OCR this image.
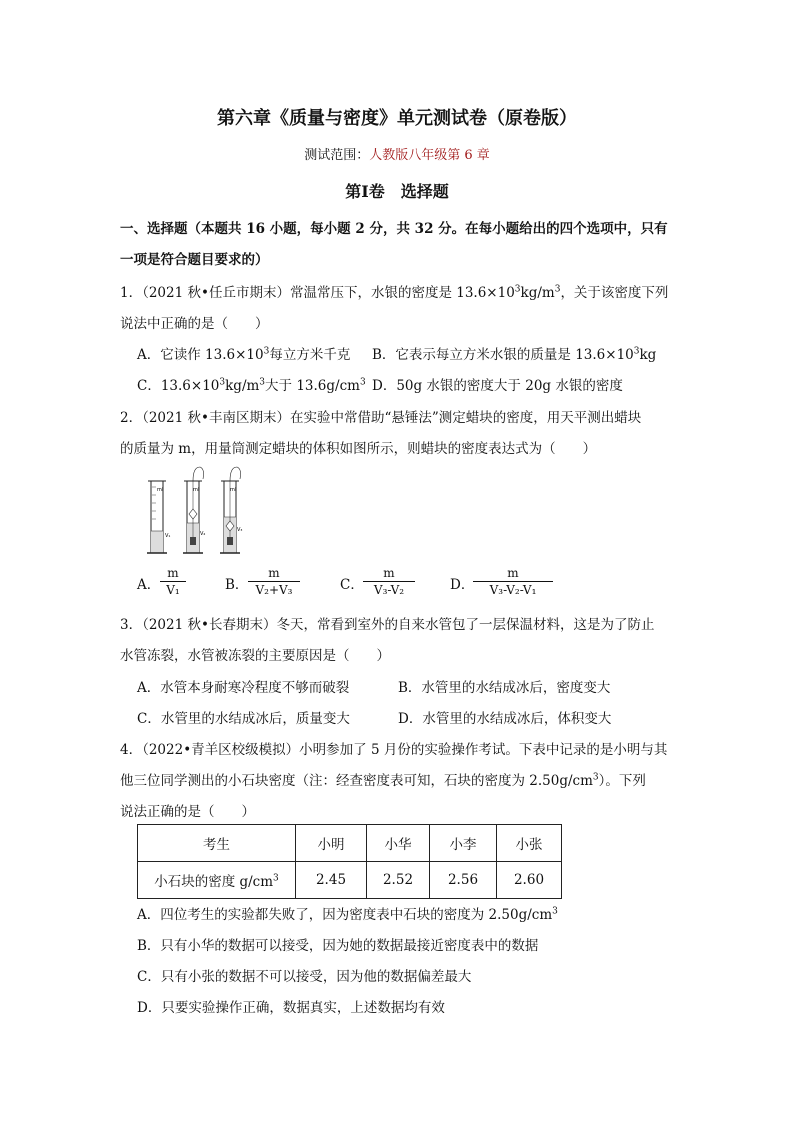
第六章《质量与密度》单元测试卷（原卷版）
测试范围：人教版八年级第 6 章
第Ⅰ卷　选择题
一、选择题（本题共 16 小题，每小题 2 分，共 32 分。在每小题给出的四个选项中，只有
一项是符合题目要求的）
1．（2021 秋•任丘市期末）常温常压下，水银的密度是 $13.6\times 10^3kg/m^3$，关于该密度下列
说法中正确的是（　　）
A．它读作 $13.6\times 10^3$每立方米千克 B．它表示每立方米水银的质量是 $13.6\times 10^3kg$
C．$13.6\times 10^3kg/m^3$大于 $13.6g/cm^3$ D．50g 水银的密度大于 20g 水银的密度
2．（2021 秋•丰南区期末）在实验中常借助“悬锤法”测定蜡块的密度，用天平测出蜡块
的质量为 m，用量筒测定蜡块的体积如图所示，则蜡块的密度表达式为（　　）
ml
V₁
ml
V₂
ml
V₃
A．
m
V₁	B．
m
V₂+V₃	C．
m
V₃-V₂	D．
m
V₃-V₂-V₁
3．（2021 秋•长春期末）冬天，常看到室外的自来水管包了一层保温材料，这是为了防止
水管冻裂，水管被冻裂的主要原因是（　　）
A．水管本身耐寒冷程度不够而破裂	B．水管里的水结成冰后，密度变大
C．水管里的水结成冰后，质量变大	D．水管里的水结成冰后，体积变大
4．（2022•青羊区校级模拟）小明参加了 5 月份的实验操作考试。下表中记录的是小明与其
他三位同学测出的小石块密度（注：经查密度表可知，石块的密度为 $2.50g/cm^3$）。下列
说法正确的是（　　）
考生	小明	小华	小李	小张
小石块的密度 $g/cm^3$	2.45	2.52	2.56	2.60
A．四位考生的实验都失败了，因为密度表中石块的密度为 $2.50g/cm^3$
B．只有小华的数据可以接受，因为她的数据最接近密度表中的数据
C．只有小张的数据不可以接受，因为他的数据偏差最大
D．只要实验操作正确，数据真实，上述数据均有效
